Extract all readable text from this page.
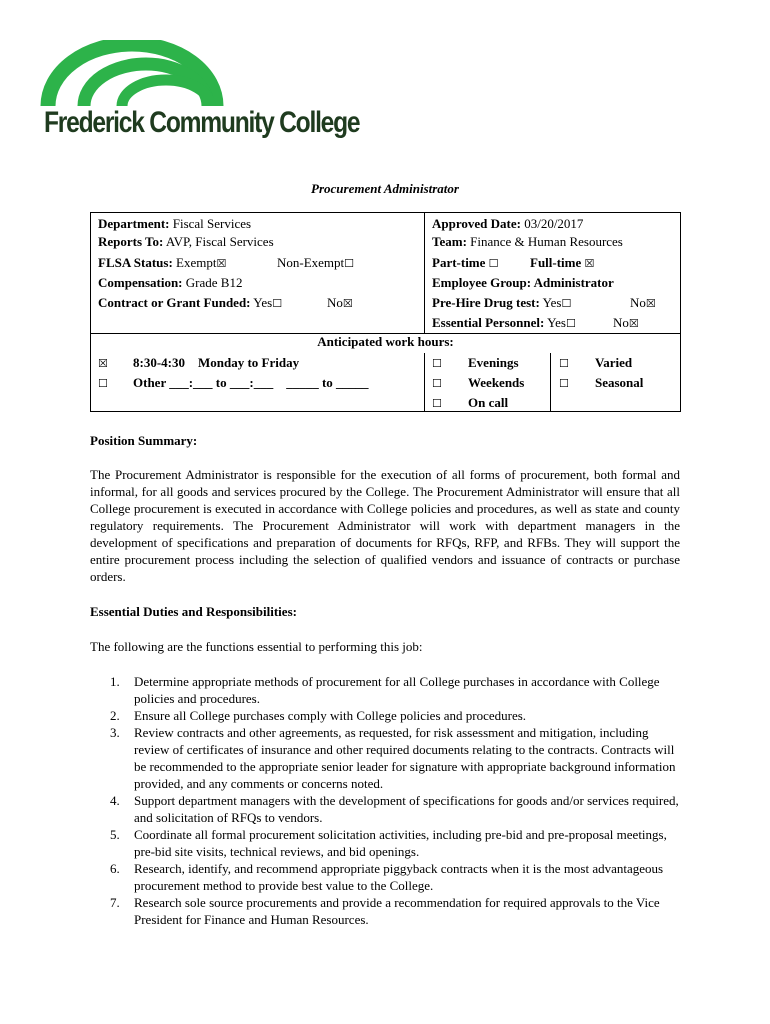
Frederick Community College
Procurement Administrator
Department: Fiscal Services
Reports To: AVP, Fiscal Services
FLSA Status: Exempt☒	Non-Exempt☐
Compensation: Grade B12
Contract or Grant Funded: Yes☐	No☒
Approved Date: 03/20/2017
Team: Finance & Human Resources
Part-time ☐ Full-time ☒
Employee Group: Administrator
Pre-Hire Drug test: Yes☐	No☒
Essential Personnel: Yes☐	No☒
Anticipated work hours:
☒ 8:30-4:30    Monday to Friday
☐ Other ___:___ to ___:___    _____ to _____
☐ Evenings
☐ Weekends
☐ On call
☐ Varied
☐ Seasonal
Position Summary:
The Procurement Administrator is responsible for the execution of all forms of procurement, both formal and informal, for all goods and services procured by the College. The Procurement Administrator will ensure that all College procurement is executed in accordance with College policies and procedures, as well as state and county regulatory requirements. The Procurement Administrator will work with department managers in the development of specifications and preparation of documents for RFQs, RFP, and RFBs. They will support the entire procurement process including the selection of qualified vendors and issuance of contracts or purchase orders.
Essential Duties and Responsibilities:
The following are the functions essential to performing this job:
1. Determine appropriate methods of procurement for all College purchases in accordance with College policies and procedures.
2. Ensure all College purchases comply with College policies and procedures.
3. Review contracts and other agreements, as requested, for risk assessment and mitigation, including review of certificates of insurance and other required documents relating to the contracts. Contracts will be recommended to the appropriate senior leader for signature with appropriate background information provided, and any comments or concerns noted.
4. Support department managers with the development of specifications for goods and/or services required, and solicitation of RFQs to vendors.
5. Coordinate all formal procurement solicitation activities, including pre-bid and pre-proposal meetings, pre-bid site visits, technical reviews, and bid openings.
6. Research, identify, and recommend appropriate piggyback contracts when it is the most advantageous procurement method to provide best value to the College.
7. Research sole source procurements and provide a recommendation for required approvals to the Vice President for Finance and Human Resources.
